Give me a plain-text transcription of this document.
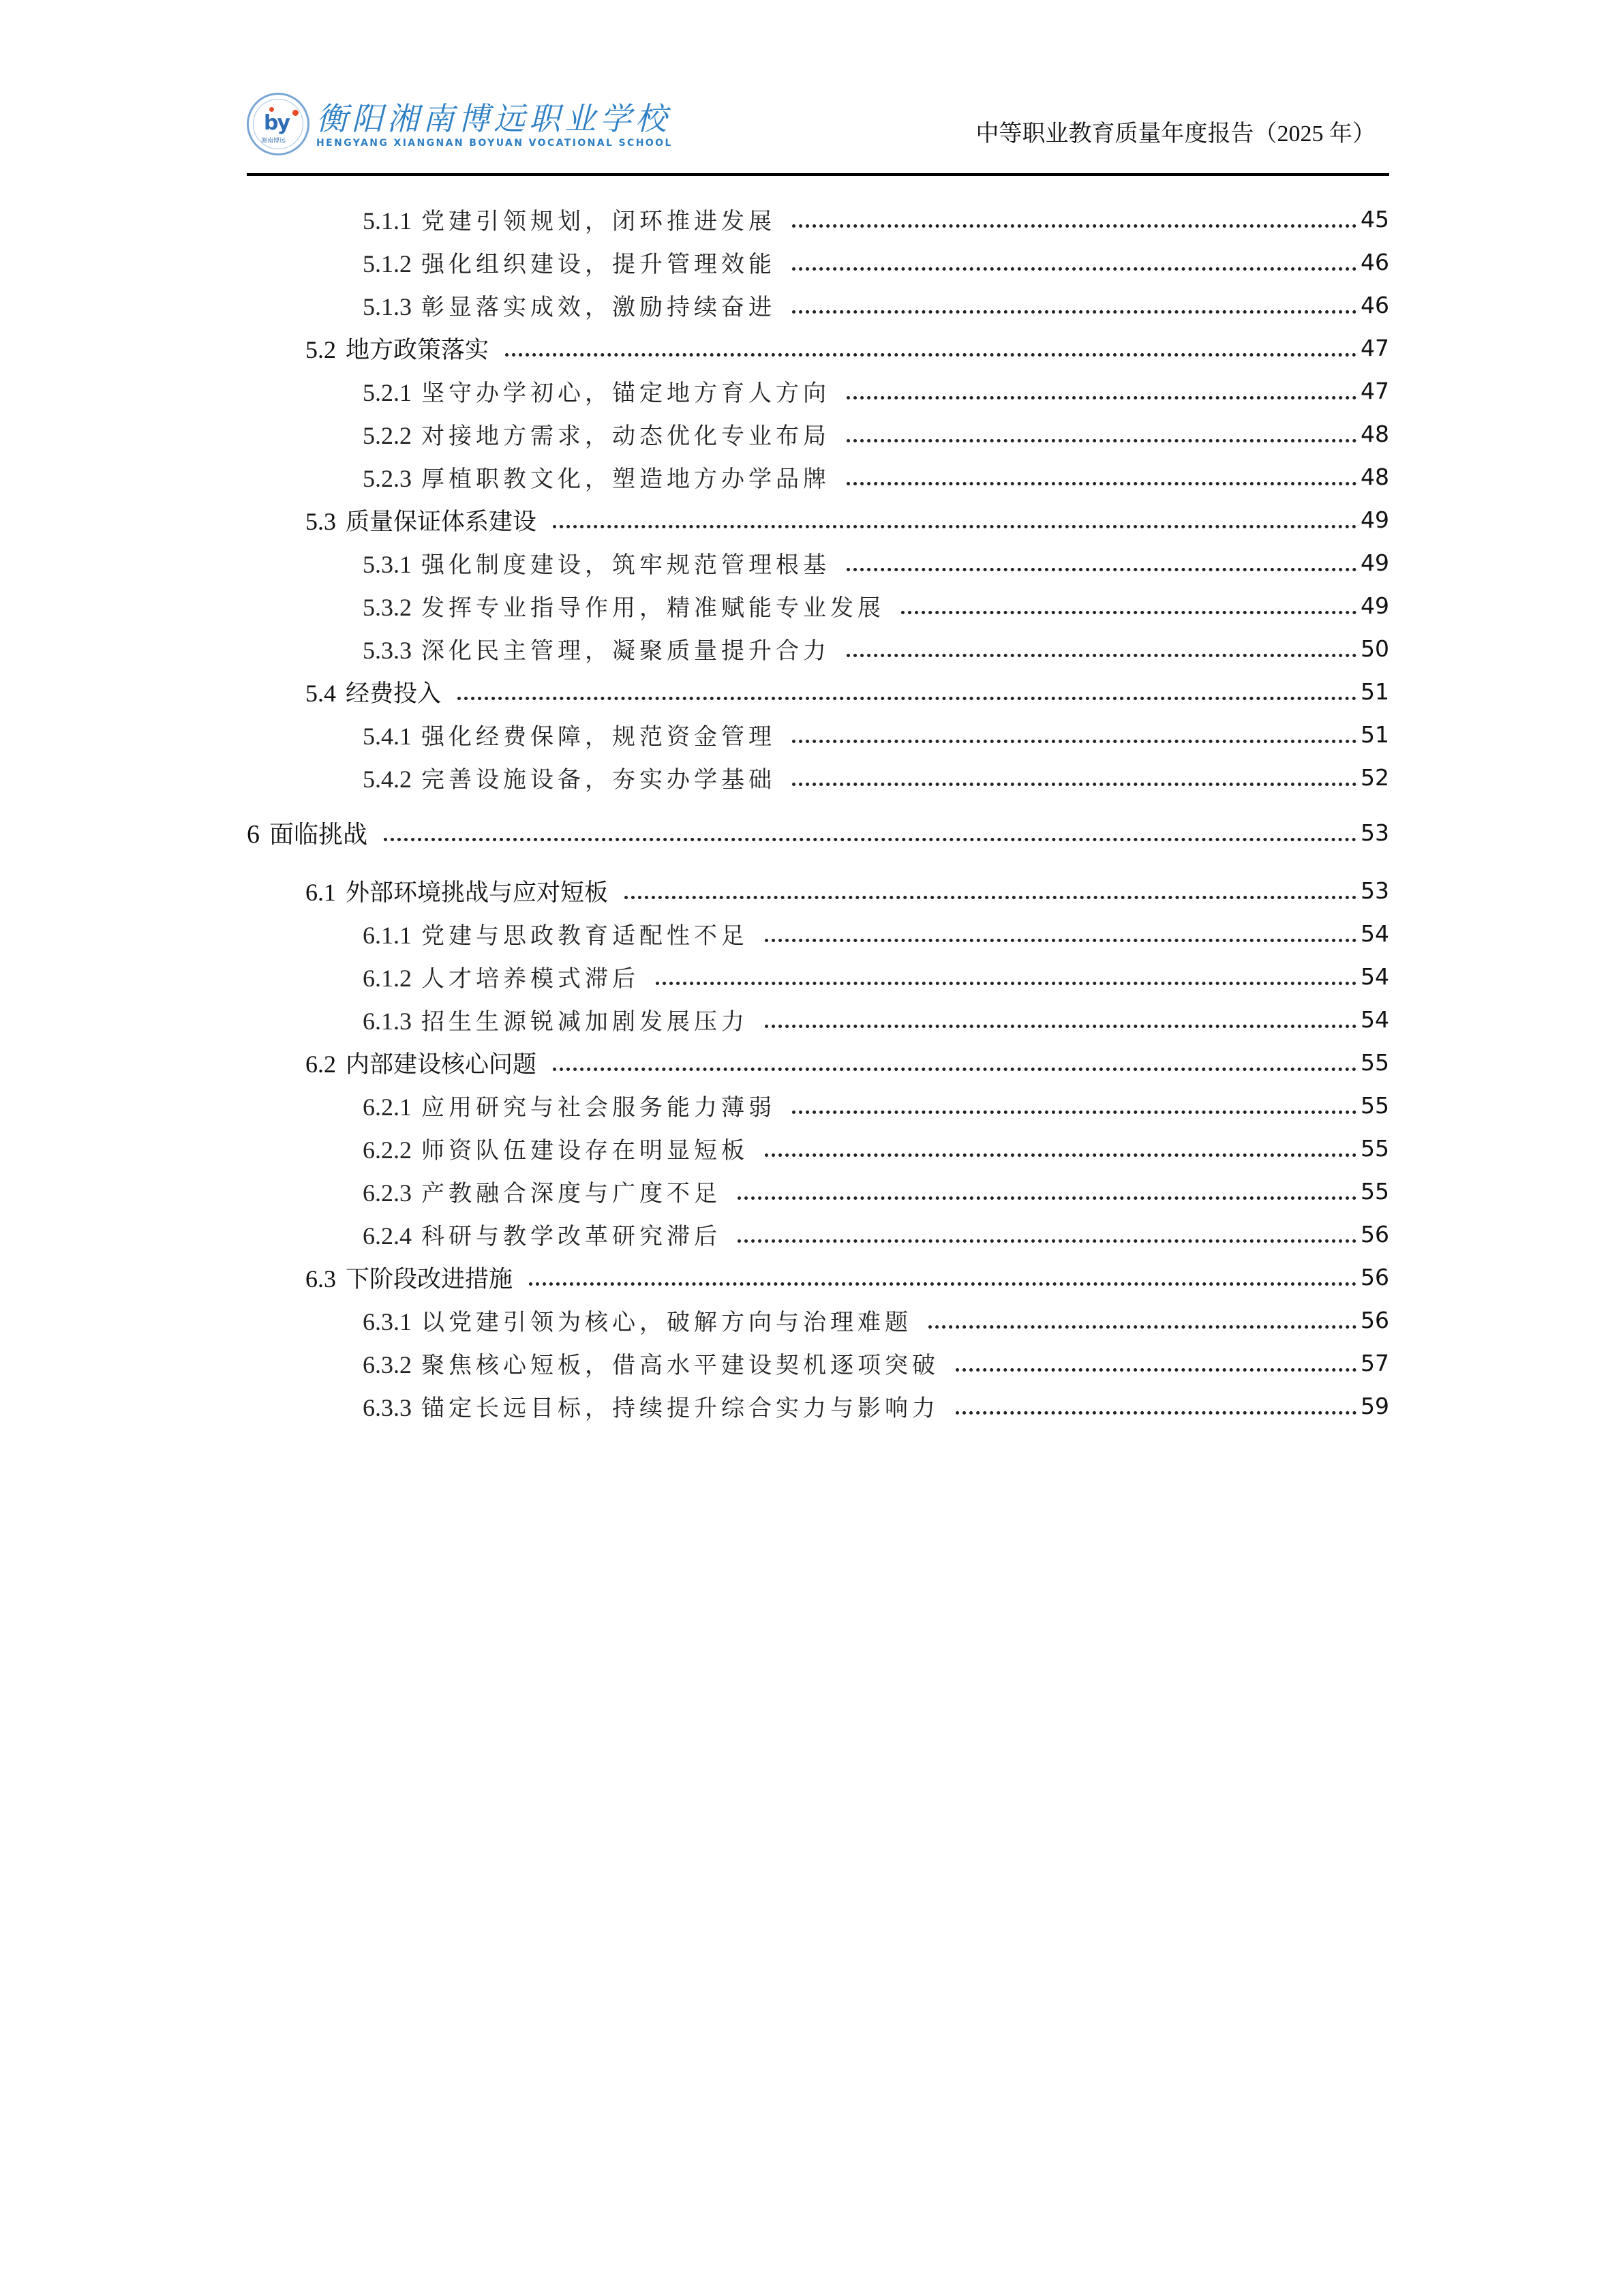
by
湘南博远
衡阳湘南博远职业学校
HENGYANG XIANGNAN BOYUAN VOCATIONAL SCHOOL	中等职业教育质量年度报告（2025 年）
5.1.1 党建引领规划，闭环推进发展	45
5.1.2 强化组织建设，提升管理效能	46
5.1.3 彰显落实成效，激励持续奋进	46
5.2 地方政策落实	47
5.2.1 坚守办学初心，锚定地方育人方向	47
5.2.2 对接地方需求，动态优化专业布局	48
5.2.3 厚植职教文化，塑造地方办学品牌	48
5.3 质量保证体系建设	49
5.3.1 强化制度建设，筑牢规范管理根基	49
5.3.2 发挥专业指导作用，精准赋能专业发展	49
5.3.3 深化民主管理，凝聚质量提升合力	50
5.4 经费投入	51
5.4.1 强化经费保障，规范资金管理	51
5.4.2 完善设施设备，夯实办学基础	52
6 面临挑战	53
6.1 外部环境挑战与应对短板	53
6.1.1 党建与思政教育适配性不足	54
6.1.2 人才培养模式滞后	54
6.1.3 招生生源锐减加剧发展压力	54
6.2 内部建设核心问题	55
6.2.1 应用研究与社会服务能力薄弱	55
6.2.2 师资队伍建设存在明显短板	55
6.2.3 产教融合深度与广度不足	55
6.2.4 科研与教学改革研究滞后	56
6.3 下阶段改进措施	56
6.3.1 以党建引领为核心，破解方向与治理难题	56
6.3.2 聚焦核心短板，借高水平建设契机逐项突破	57
6.3.3 锚定长远目标，持续提升综合实力与影响力	59
